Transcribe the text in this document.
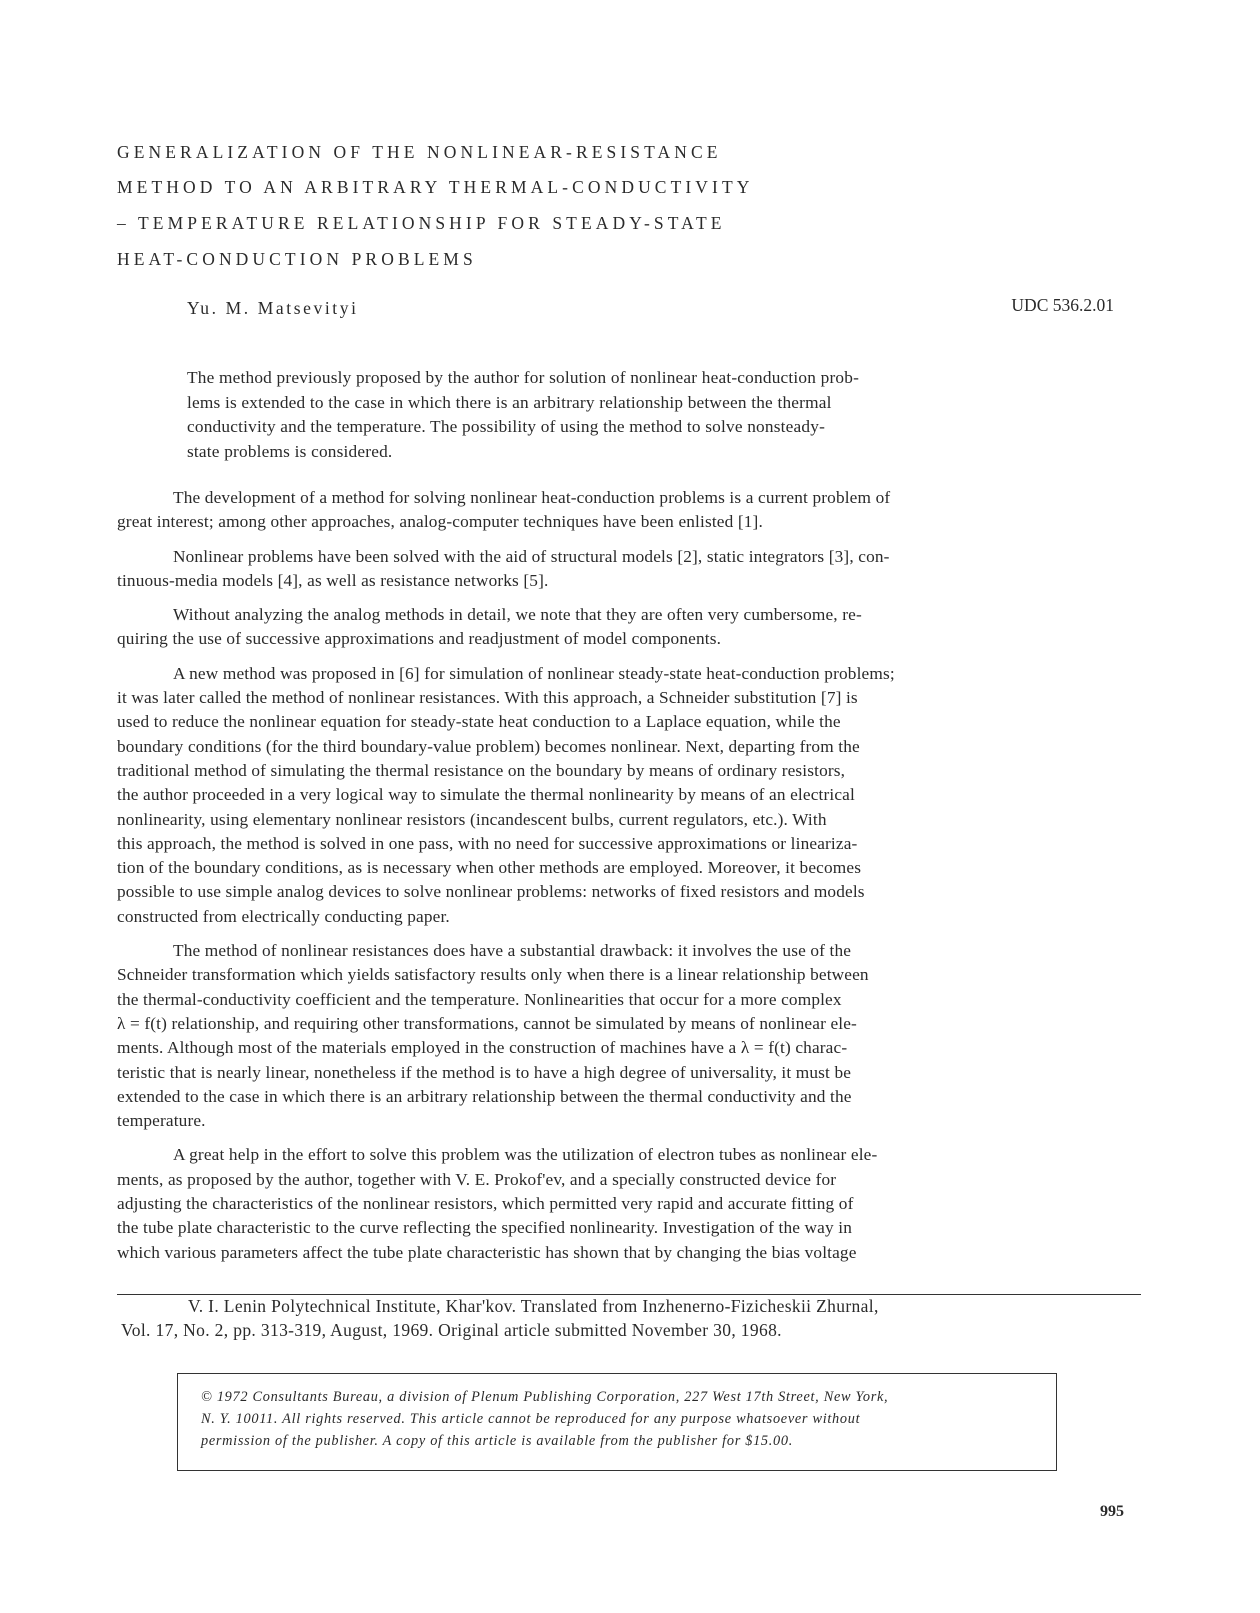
GENERALIZATION OF THE NONLINEAR-RESISTANCE
METHOD TO AN ARBITRARY THERMAL-CONDUCTIVITY
– TEMPERATURE RELATIONSHIP FOR STEADY-STATE
HEAT-CONDUCTION PROBLEMS
Yu. M. Matsevityi	UDC 536.2.01
The method previously proposed by the author for solution of nonlinear heat-conduction prob-
lems is extended to the case in which there is an arbitrary relationship between the thermal
conductivity and the temperature. The possibility of using the method to solve nonsteady-
state problems is considered.
The development of a method for solving nonlinear heat-conduction problems is a current problem of
great interest; among other approaches, analog-computer techniques have been enlisted [1].
Nonlinear problems have been solved with the aid of structural models [2], static integrators [3], con-
tinuous-media models [4], as well as resistance networks [5].
Without analyzing the analog methods in detail, we note that they are often very cumbersome, re-
quiring the use of successive approximations and readjustment of model components.
A new method was proposed in [6] for simulation of nonlinear steady-state heat-conduction problems;
it was later called the method of nonlinear resistances. With this approach, a Schneider substitution [7] is
used to reduce the nonlinear equation for steady-state heat conduction to a Laplace equation, while the
boundary conditions (for the third boundary-value problem) becomes nonlinear. Next, departing from the
traditional method of simulating the thermal resistance on the boundary by means of ordinary resistors,
the author proceeded in a very logical way to simulate the thermal nonlinearity by means of an electrical
nonlinearity, using elementary nonlinear resistors (incandescent bulbs, current regulators, etc.). With
this approach, the method is solved in one pass, with no need for successive approximations or lineariza-
tion of the boundary conditions, as is necessary when other methods are employed. Moreover, it becomes
possible to use simple analog devices to solve nonlinear problems: networks of fixed resistors and models
constructed from electrically conducting paper.
The method of nonlinear resistances does have a substantial drawback: it involves the use of the
Schneider transformation which yields satisfactory results only when there is a linear relationship between
the thermal-conductivity coefficient and the temperature. Nonlinearities that occur for a more complex
λ = f(t) relationship, and requiring other transformations, cannot be simulated by means of nonlinear ele-
ments. Although most of the materials employed in the construction of machines have a λ = f(t) charac-
teristic that is nearly linear, nonetheless if the method is to have a high degree of universality, it must be
extended to the case in which there is an arbitrary relationship between the thermal conductivity and the
temperature.
A great help in the effort to solve this problem was the utilization of electron tubes as nonlinear ele-
ments, as proposed by the author, together with V. E. Prokof'ev, and a specially constructed device for
adjusting the characteristics of the nonlinear resistors, which permitted very rapid and accurate fitting of
the tube plate characteristic to the curve reflecting the specified nonlinearity. Investigation of the way in
which various parameters affect the tube plate characteristic has shown that by changing the bias voltage
V. I. Lenin Polytechnical Institute, Khar'kov. Translated from Inzhenerno-Fizicheskii Zhurnal,
Vol. 17, No. 2, pp. 313-319, August, 1969. Original article submitted November 30, 1968.
© 1972 Consultants Bureau, a division of Plenum Publishing Corporation, 227 West 17th Street, New York,
N. Y. 10011. All rights reserved. This article cannot be reproduced for any purpose whatsoever without
permission of the publisher. A copy of this article is available from the publisher for $15.00.
995
